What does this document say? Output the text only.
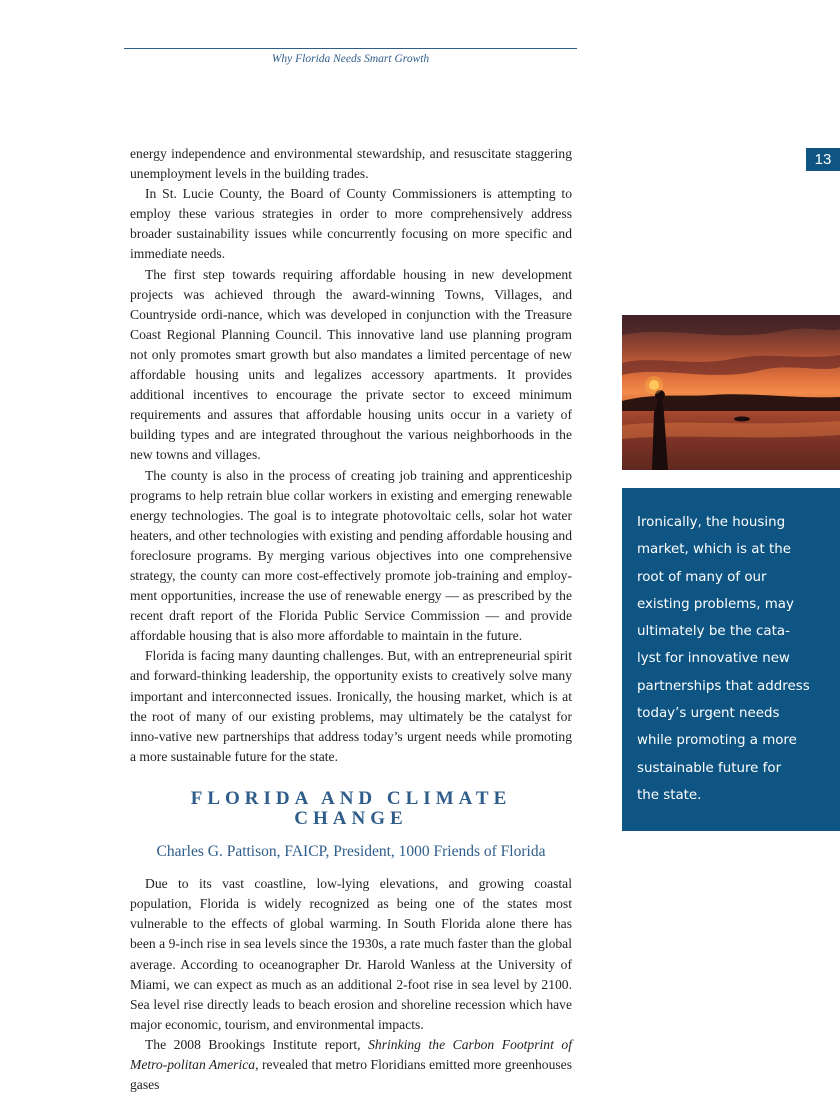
Why Florida Needs Smart Growth
13

energy independence and environmental stewardship, and resuscitate staggering unemployment levels in the building trades.

In St. Lucie County, the Board of County Commissioners is attempting to employ these various strategies in order to more comprehensively address broader sustainability issues while concurrently focusing on more specific and immediate needs.

The first step towards requiring affordable housing in new development projects was achieved through the award-winning Towns, Villages, and Countryside ordi-nance, which was developed in conjunction with the Treasure Coast Regional Planning Council. This innovative land use planning program not only promotes smart growth but also mandates a limited percentage of new affordable housing units and legalizes accessory apartments. It provides additional incentives to encourage the private sector to exceed minimum requirements and assures that affordable housing units occur in a variety of building types and are integrated throughout the various neighborhoods in the new towns and villages.

The county is also in the process of creating job training and apprenticeship programs to help retrain blue collar workers in existing and emerging renewable energy technologies. The goal is to integrate photovoltaic cells, solar hot water heaters, and other technologies with existing and pending affordable housing and foreclosure programs. By merging various objectives into one comprehensive strategy, the county can more cost-effectively promote job-training and employ-ment opportunities, increase the use of renewable energy — as prescribed by the recent draft report of the Florida Public Service Commission — and provide affordable housing that is also more affordable to maintain in the future.

Florida is facing many daunting challenges. But, with an entrepreneurial spirit and forward-thinking leadership, the opportunity exists to creatively solve many important and interconnected issues. Ironically, the housing market, which is at the root of many of our existing problems, may ultimately be the catalyst for inno-vative new partnerships that address today’s urgent needs while promoting a more sustainable future for the state.

FLORIDA AND CLIMATE CHANGE
Charles G. Pattison, FAICP, President, 1000 Friends of Florida

Due to its vast coastline, low-lying elevations, and growing coastal population, Florida is widely recognized as being one of the states most vulnerable to the effects of global warming. In South Florida alone there has been a 9-inch rise in sea levels since the 1930s, a rate much faster than the global average. According to oceanographer Dr. Harold Wanless at the University of Miami, we can expect as much as an additional 2-foot rise in sea level by 2100. Sea level rise directly leads to beach erosion and shoreline recession which have major economic, tourism, and environmental impacts.

The 2008 Brookings Institute report, Shrinking the Carbon Footprint of Metro-politan America, revealed that metro Floridians emitted more greenhouses gases

Ironically, the housing
market, which is at the
root of many of our
existing problems, may
ultimately be the cata-
lyst for innovative new
partnerships that address
today’s urgent needs
while promoting a more
sustainable future for
the state.
